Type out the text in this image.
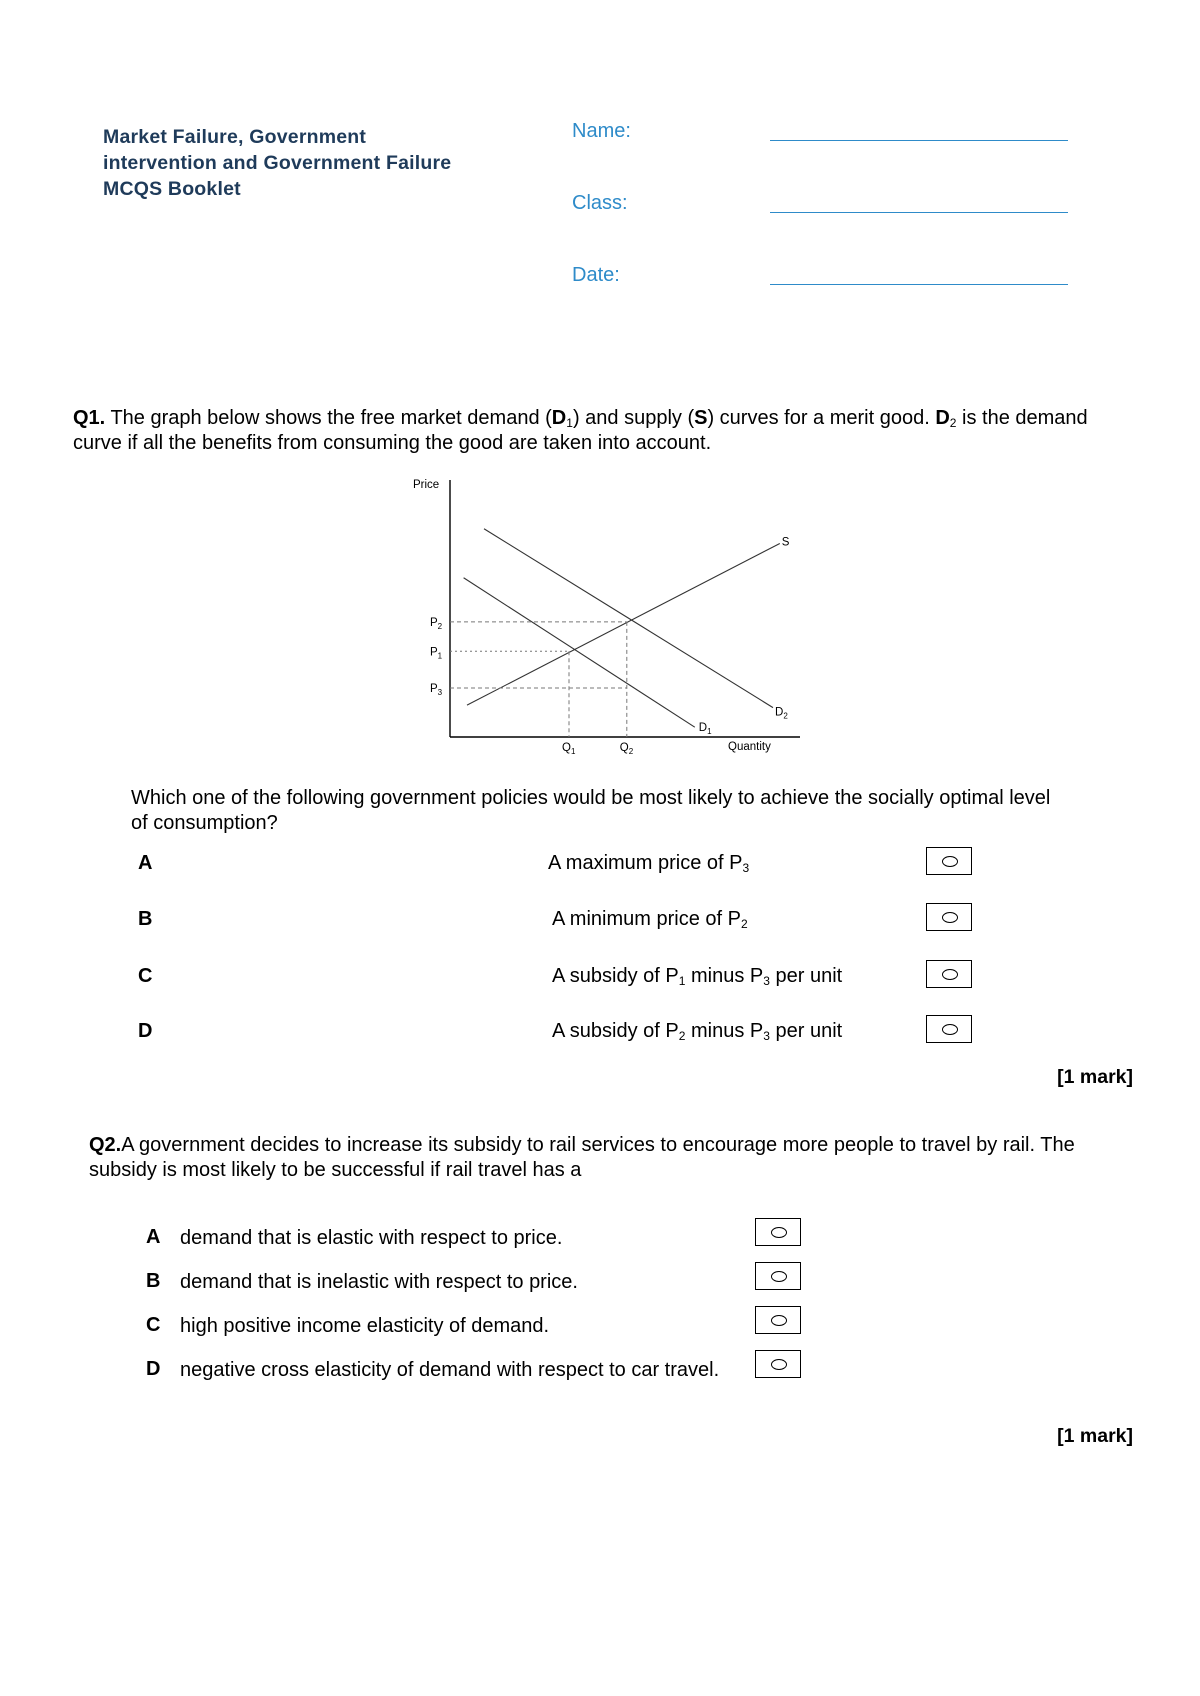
Market Failure, Government
intervention and Government Failure
MCQS Booklet
Name:
Class:
Date:
Q1. The graph below shows the free market demand $(D_1)$ and supply (S) curves for a merit good. $D_2$ is the demand curve if all the benefits from consuming the good are taken into account.
Price
Quantity
$P_2$
$P_1$
$P_3$
$Q_1$	$Q_2$
S
$D_1$
$D_2$
Which one of the following government policies would be most likely to achieve the socially optimal level of consumption?
A	A maximum price of $P_3$
B	A minimum price of $P_2$
C	A subsidy of $P_1$ minus $P_3$ per unit
D	A subsidy of $P_2$ minus $P_3$ per unit
[1 mark]
Q2.A government decides to increase its subsidy to rail services to encourage more people to travel by rail. The subsidy is most likely to be successful if rail travel has a
A demand that is elastic with respect to price.
B demand that is inelastic with respect to price.
C high positive income elasticity of demand.
D negative cross elasticity of demand with respect to car travel.
[1 mark]
